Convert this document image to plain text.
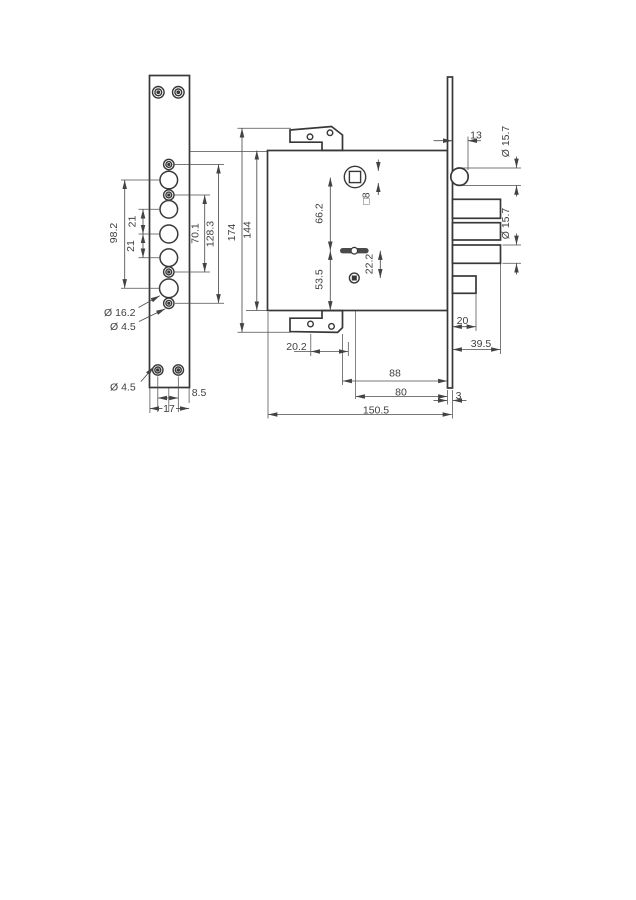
98.2
21
21
70.1 128.3
Ø 16.2
Ø 4.5
Ø 4.5	8.5
17
174 144
66.2
53.5
22.2
□8
13 Ø 15.7
Ø 15.7
20
39.5
20.2
88
80	3
150.5
